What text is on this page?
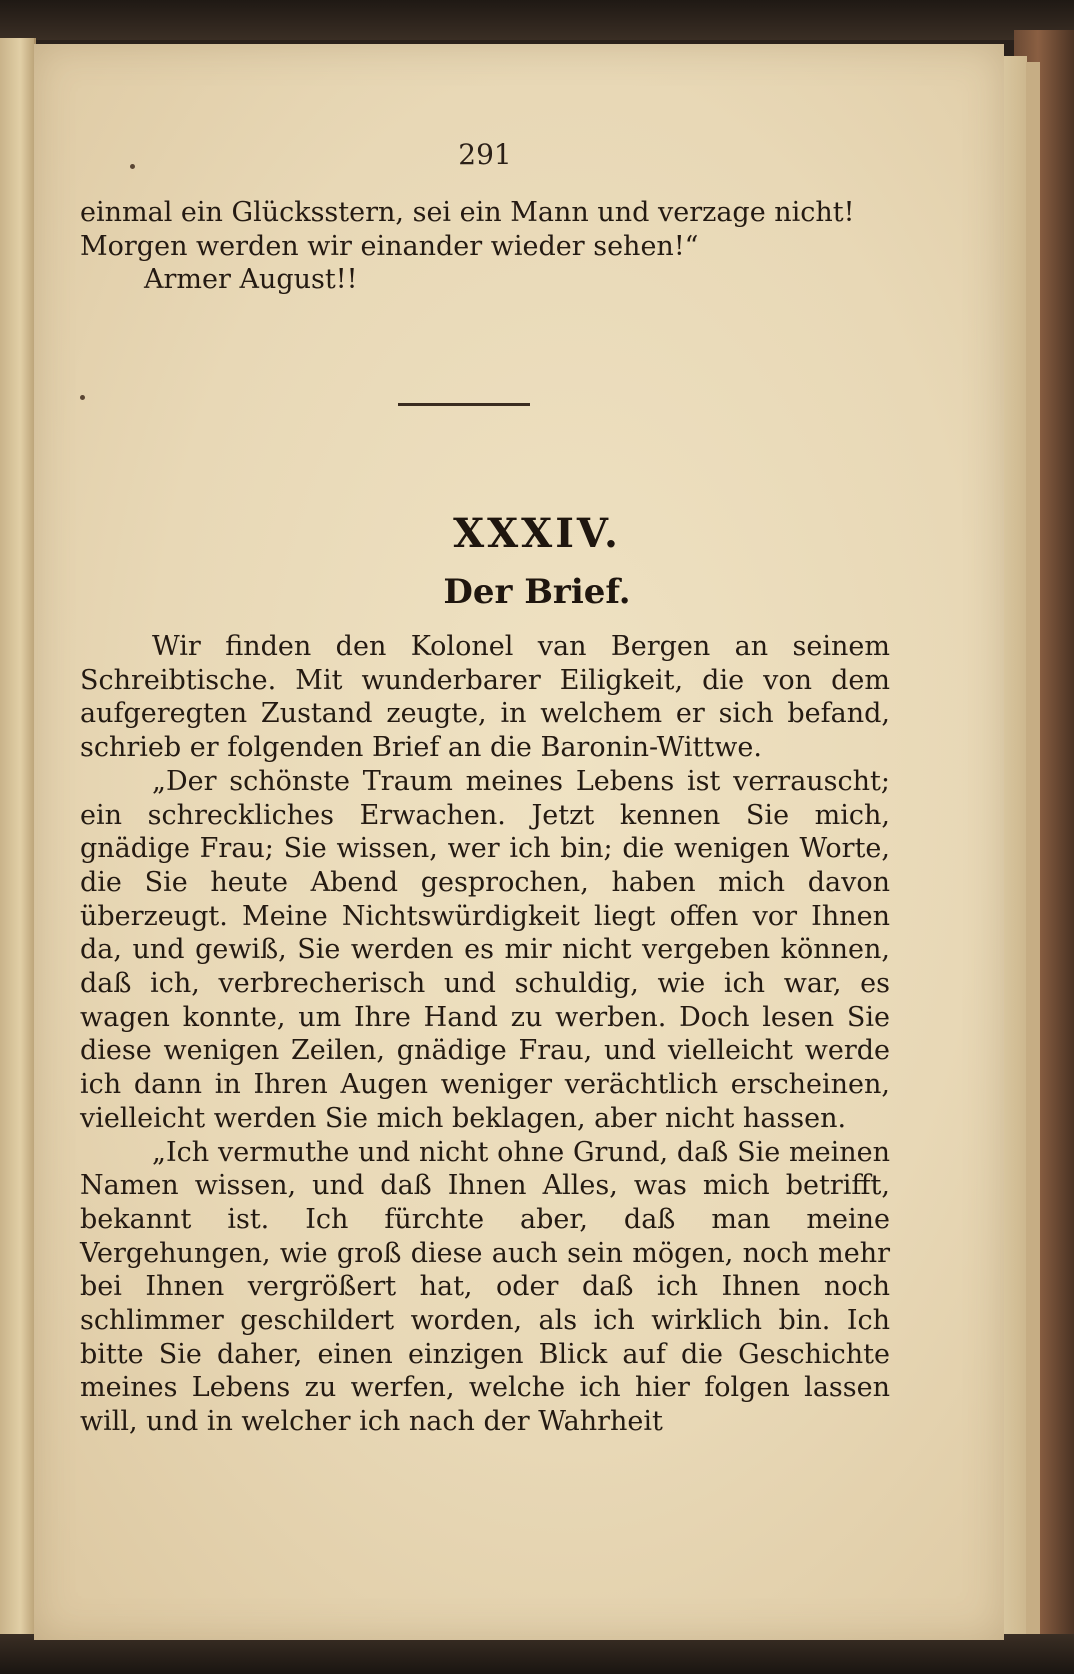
291

einmal ein Glücksstern, sei ein Mann und verzage nicht!

Morgen werden wir einander wieder sehen!“

Armer August!!

XXXIV.
Der Brief.

Wir finden den Kolonel van Bergen an seinem Schreibtische. Mit wunderbarer Eiligkeit, die von dem aufgeregten Zustand zeugte, in welchem er sich befand, schrieb er folgenden Brief an die Baronin-Wittwe.

„Der schönste Traum meines Lebens ist verrauscht; ein schreckliches Erwachen. Jetzt kennen Sie mich, gnädige Frau; Sie wissen, wer ich bin; die wenigen Worte, die Sie heute Abend gesprochen, haben mich davon überzeugt. Meine Nichtswürdigkeit liegt offen vor Ihnen da, und gewiß, Sie werden es mir nicht vergeben können, daß ich, verbrecherisch und schuldig, wie ich war, es wagen konnte, um Ihre Hand zu werben. Doch lesen Sie diese wenigen Zeilen, gnädige Frau, und vielleicht werde ich dann in Ihren Augen weniger verächtlich erscheinen, vielleicht werden Sie mich beklagen, aber nicht hassen.

„Ich vermuthe und nicht ohne Grund, daß Sie meinen Namen wissen, und daß Ihnen Alles, was mich betrifft, bekannt ist. Ich fürchte aber, daß man meine Vergehungen, wie groß diese auch sein mögen, noch mehr bei Ihnen vergrößert hat, oder daß ich Ihnen noch schlimmer geschildert worden, als ich wirklich bin. Ich bitte Sie daher, einen einzigen Blick auf die Geschichte meines Lebens zu werfen, welche ich hier folgen lassen will, und in welcher ich nach der Wahrheit
